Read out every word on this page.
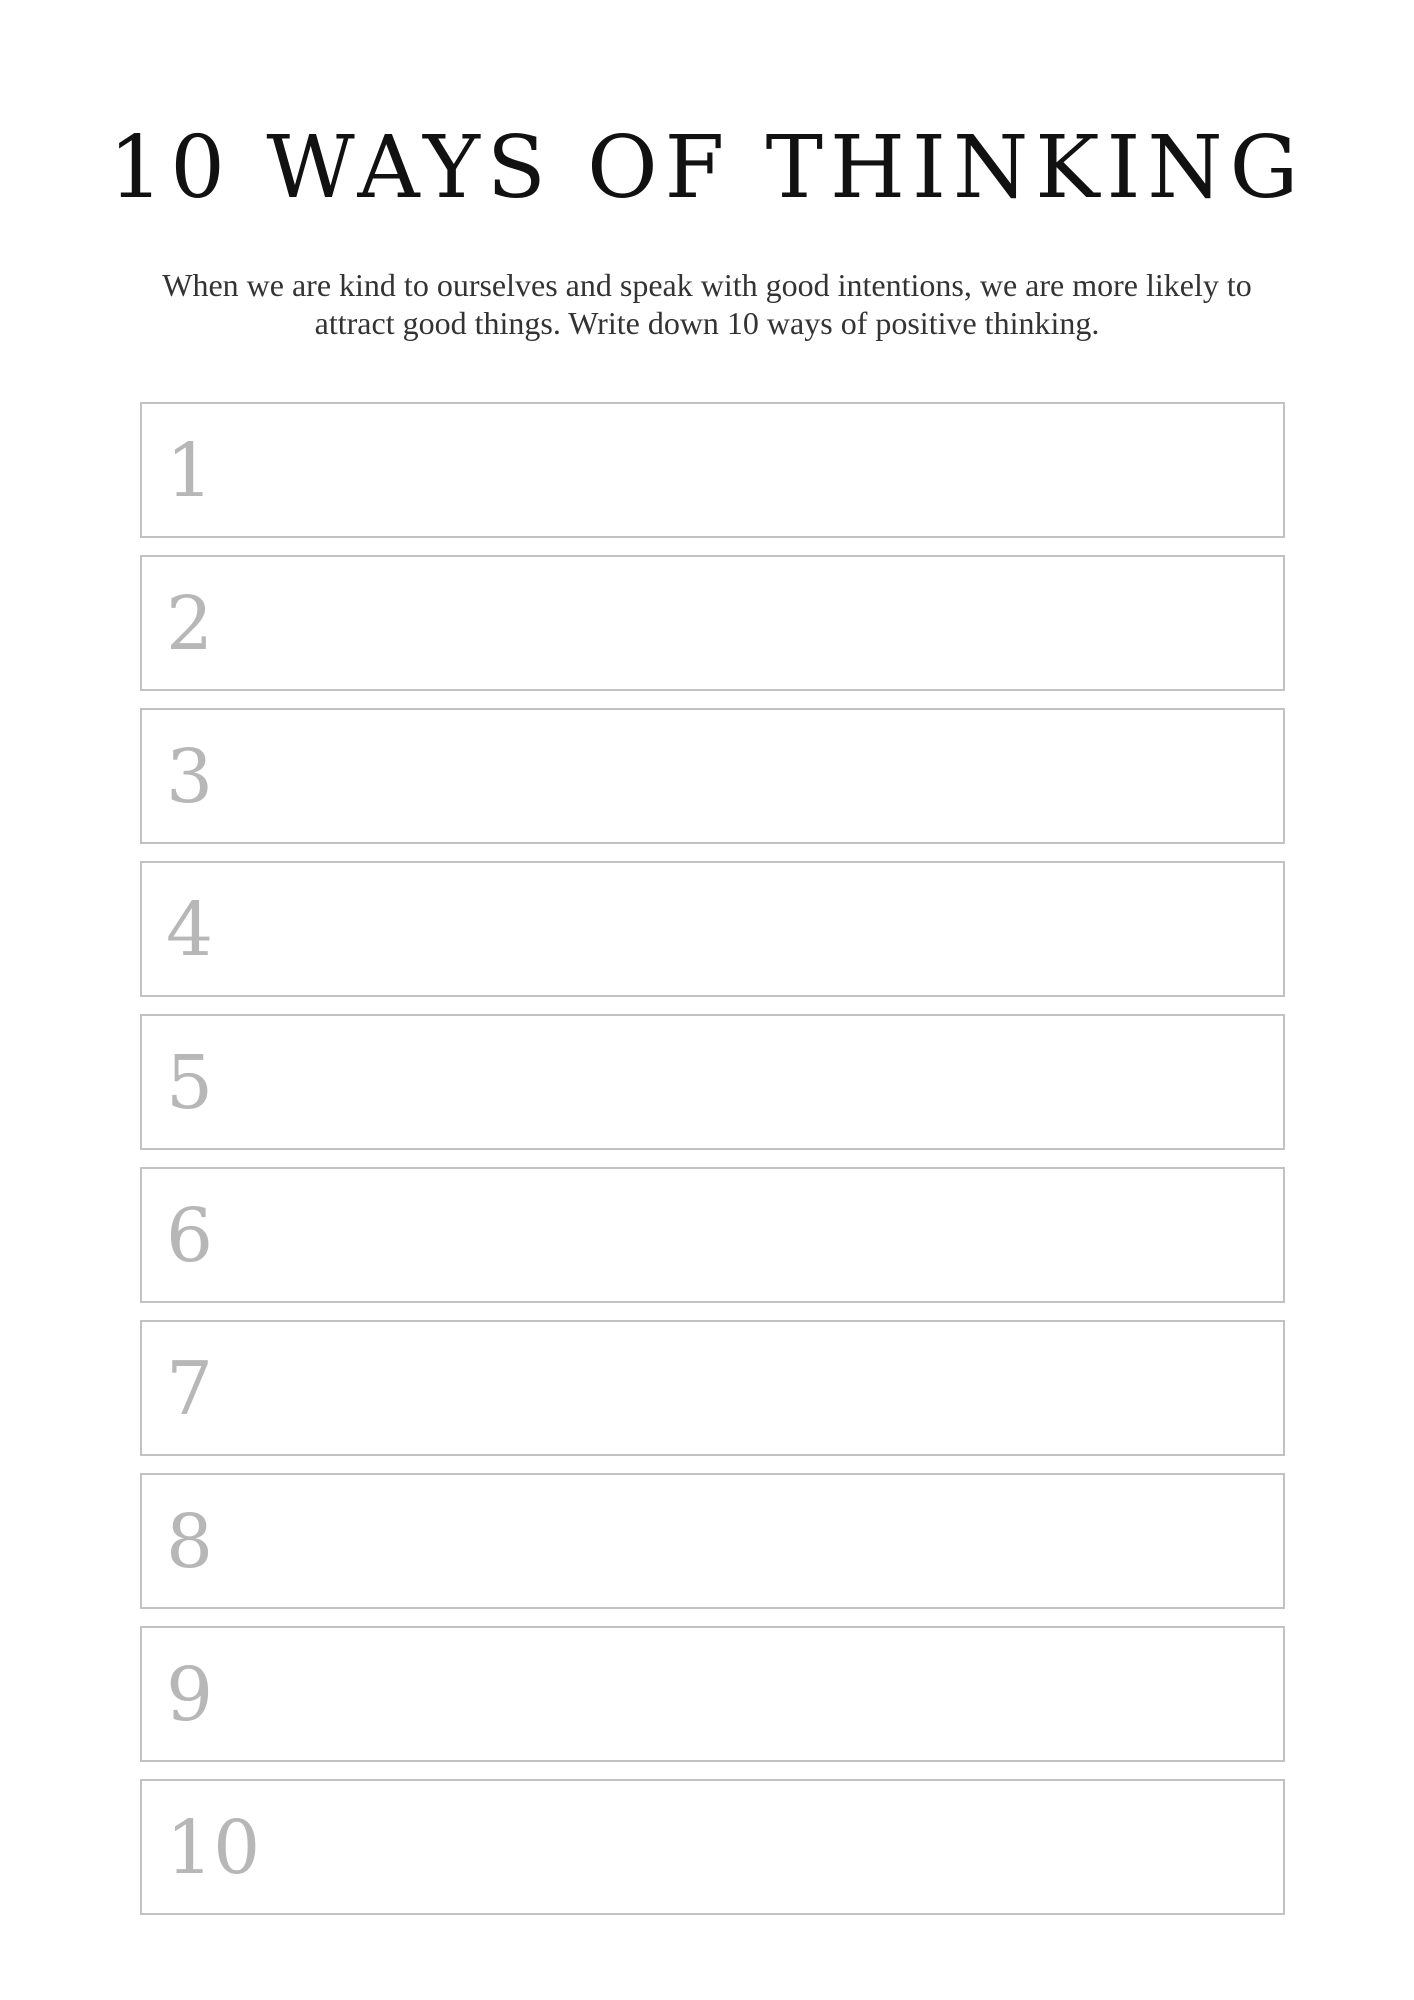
10 WAYS OF THINKING

When we are kind to ourselves and speak with good intentions, we are more likely to attract good things. Write down 10 ways of positive thinking.

1
2
3
4
5
6
7
8
9
10
